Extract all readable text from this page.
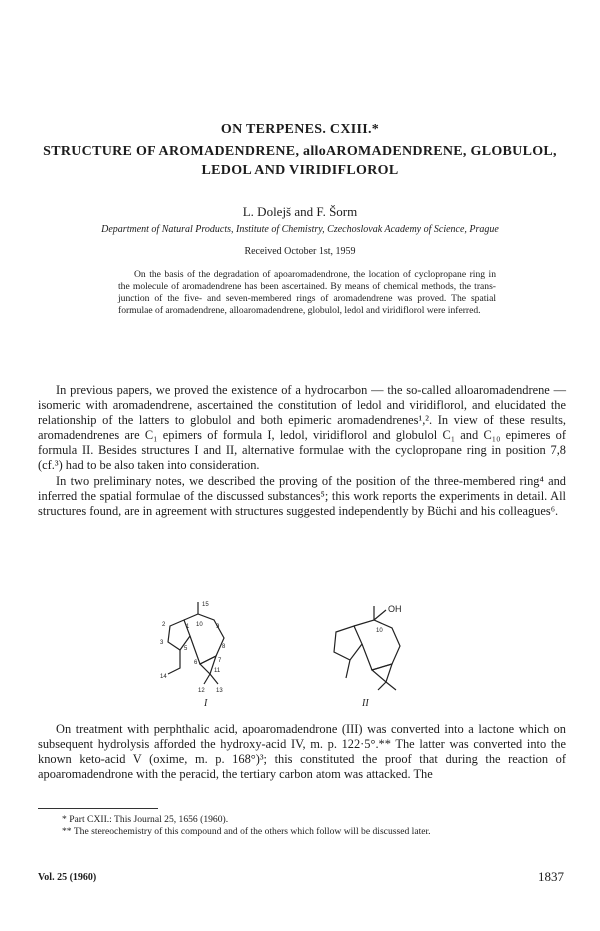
ON TERPENES. CXIII.*
STRUCTURE OF AROMADENDRENE, alloAROMADENDRENE, GLOBULOL,
LEDOL AND VIRIDIFLOROL
L. Dolejš and F. Šorm
Department of Natural Products, Institute of Chemistry, Czechoslovak Academy of Science, Prague
Received October 1st, 1959

On the basis of the degradation of apoaromadendrone, the location of cyclopropane ring in the molecule of aromadendrene has been ascertained. By means of chemical methods, the trans-junction of the five- and seven-membered rings of aromadendrene was proved. The spatial formulae of aromadendrene, alloaromadendrene, globulol, ledol and viridiflorol were inferred.

In previous papers, we proved the existence of a hydrocarbon — the so-called alloaromadendrene — isomeric with aromadendrene, ascertained the constitution of ledol and viridiflorol, and elucidated the relationship of the latters to globulol and both epimeric aromadendrenes¹,². In view of these results, aromadendrenes are C₁ epimers of formula I, ledol, viridiflorol and globulol C₁ and C₁₀ epimeres of formula II. Besides structures I and II, alternative formulae with the cyclopropane ring in position 7,8 (cf.³) had to be also taken into consideration.

In two preliminary notes, we described the proving of the position of the three-membered ring⁴ and inferred the spatial formulae of the discussed substances⁵; this work reports the experiments in detail. All structures found, are in agreement with structures suggested independently by Büchi and his colleagues⁶.

15
1 10 9
2
3
5	8
6	7
14
11
12 13
I
OH
10
II

On treatment with perphthalic acid, apoaromadendrone (III) was converted into a lactone which on subsequent hydrolysis afforded the hydroxy-acid IV, m. p. 122·5°.** The latter was converted into the known keto-acid V (oxime, m. p. 168°)³; this constituted the proof that during the reaction of apoaromadendrone with the peracid, the tertiary carbon atom was attacked. The

* Part CXII.: This Journal 25, 1656 (1960).

** The stereochemistry of this compound and of the others which follow will be discussed later.

Vol. 25 (1960)	1837
